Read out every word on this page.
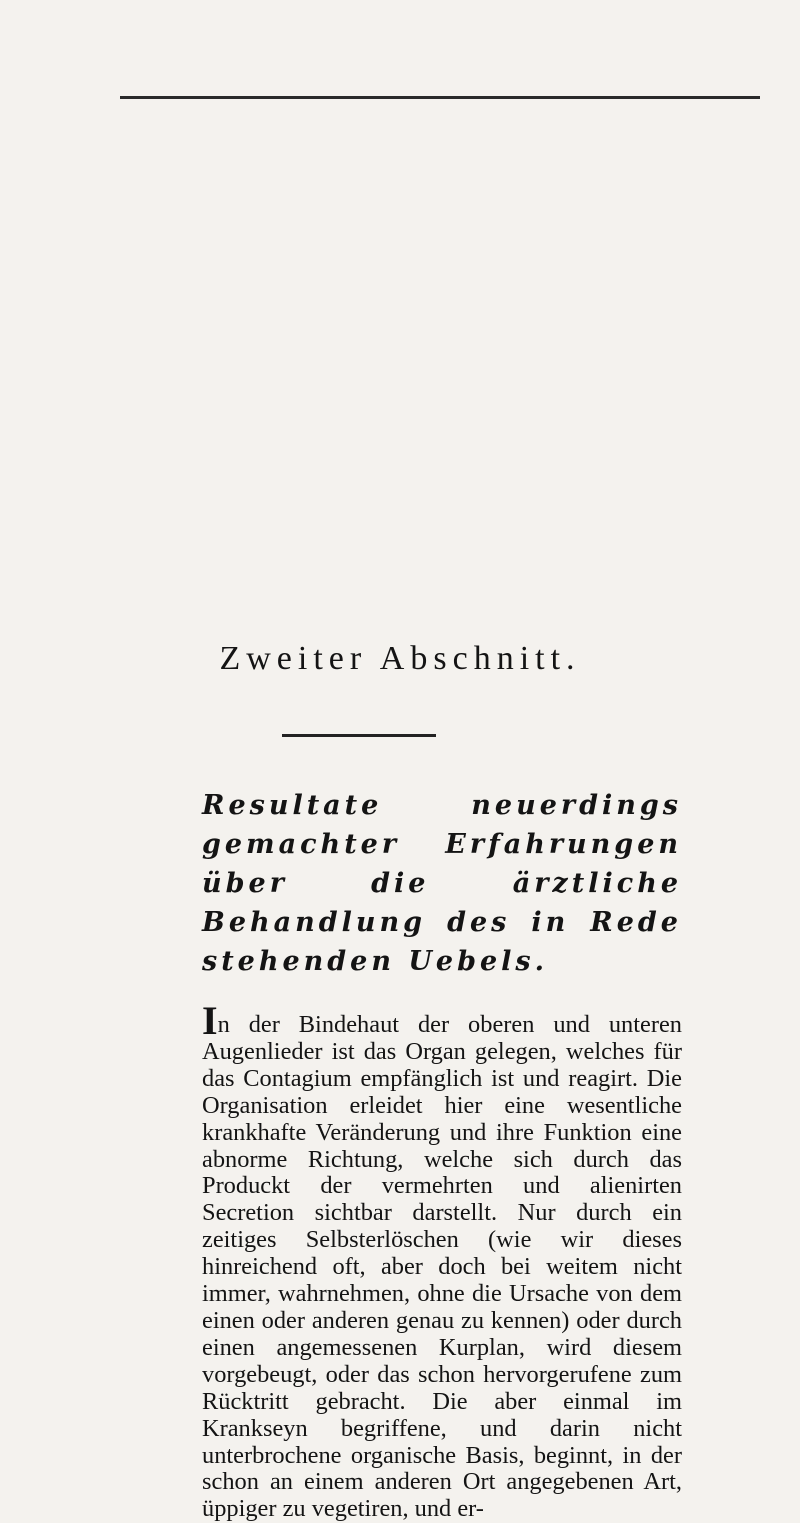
Zweiter Abschnitt.
Resultate neuerdings gemachter Erfahrungen über die ärztliche Behandlung des in Rede stehenden Uebels.

In der Bindehaut der oberen und unteren Augenlieder ist das Organ gelegen, welches für das Contagium empfänglich ist und reagirt. Die Organisation erleidet hier eine wesentliche krankhafte Veränderung und ihre Funktion eine abnorme Richtung, welche sich durch das Produckt der vermehrten und alienirten Secretion sichtbar darstellt. Nur durch ein zeitiges Selbsterlöschen (wie wir dieses hinreichend oft, aber doch bei weitem nicht immer, wahrnehmen, ohne die Ursache von dem einen oder anderen genau zu kennen) oder durch einen angemessenen Kurplan, wird diesem vorgebeugt, oder das schon hervorgerufene zum Rücktritt gebracht. Die aber einmal im Krankseyn begriffene, und darin nicht unterbrochene organische Basis, beginnt, in der schon an einem anderen Ort angegebenen Art, üppiger zu vegetiren, und er-
